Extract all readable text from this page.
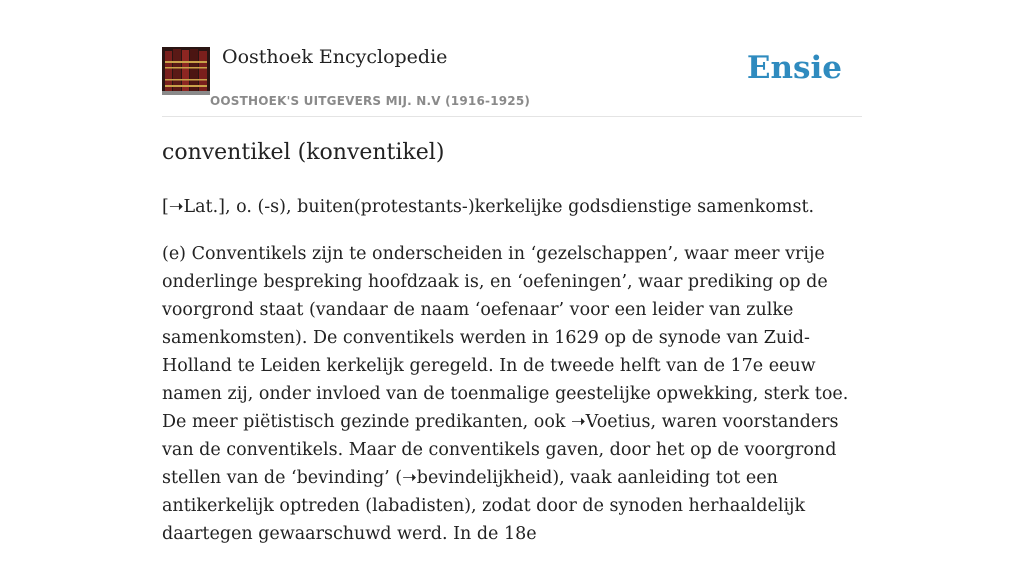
Oosthoek Encyclopedie
OOSTHOEK'S UITGEVERS MIJ. N.V (1916-1925)
Ensie
conventikel (konventikel)

[➝Lat.], o. (-s), buiten(protestants-)kerkelijke godsdienstige samenkomst.

(e) Conventikels zijn te onderscheiden in ‘gezelschappen’, waar meer vrije onderlinge bespreking hoofdzaak is, en ‘oefeningen’, waar prediking op de voorgrond staat (vandaar de naam ‘oefenaar’ voor een leider van zulke samenkomsten). De conventikels werden in 1629 op de synode van Zuid-Holland te Leiden kerkelijk geregeld. In de tweede helft van de 17e eeuw namen zij, onder invloed van de toenmalige geestelijke opwekking, sterk toe. De meer piëtistisch gezinde predikanten, ook ➝Voetius, waren voorstanders van de conventikels. Maar de conventikels gaven, door het op de voorgrond stellen van de ‘bevinding’ (➝bevindelijkheid), vaak aanleiding tot een antikerkelijk optreden (labadisten), zodat door de synoden herhaaldelijk daartegen gewaarschuwd werd. In de 18e
